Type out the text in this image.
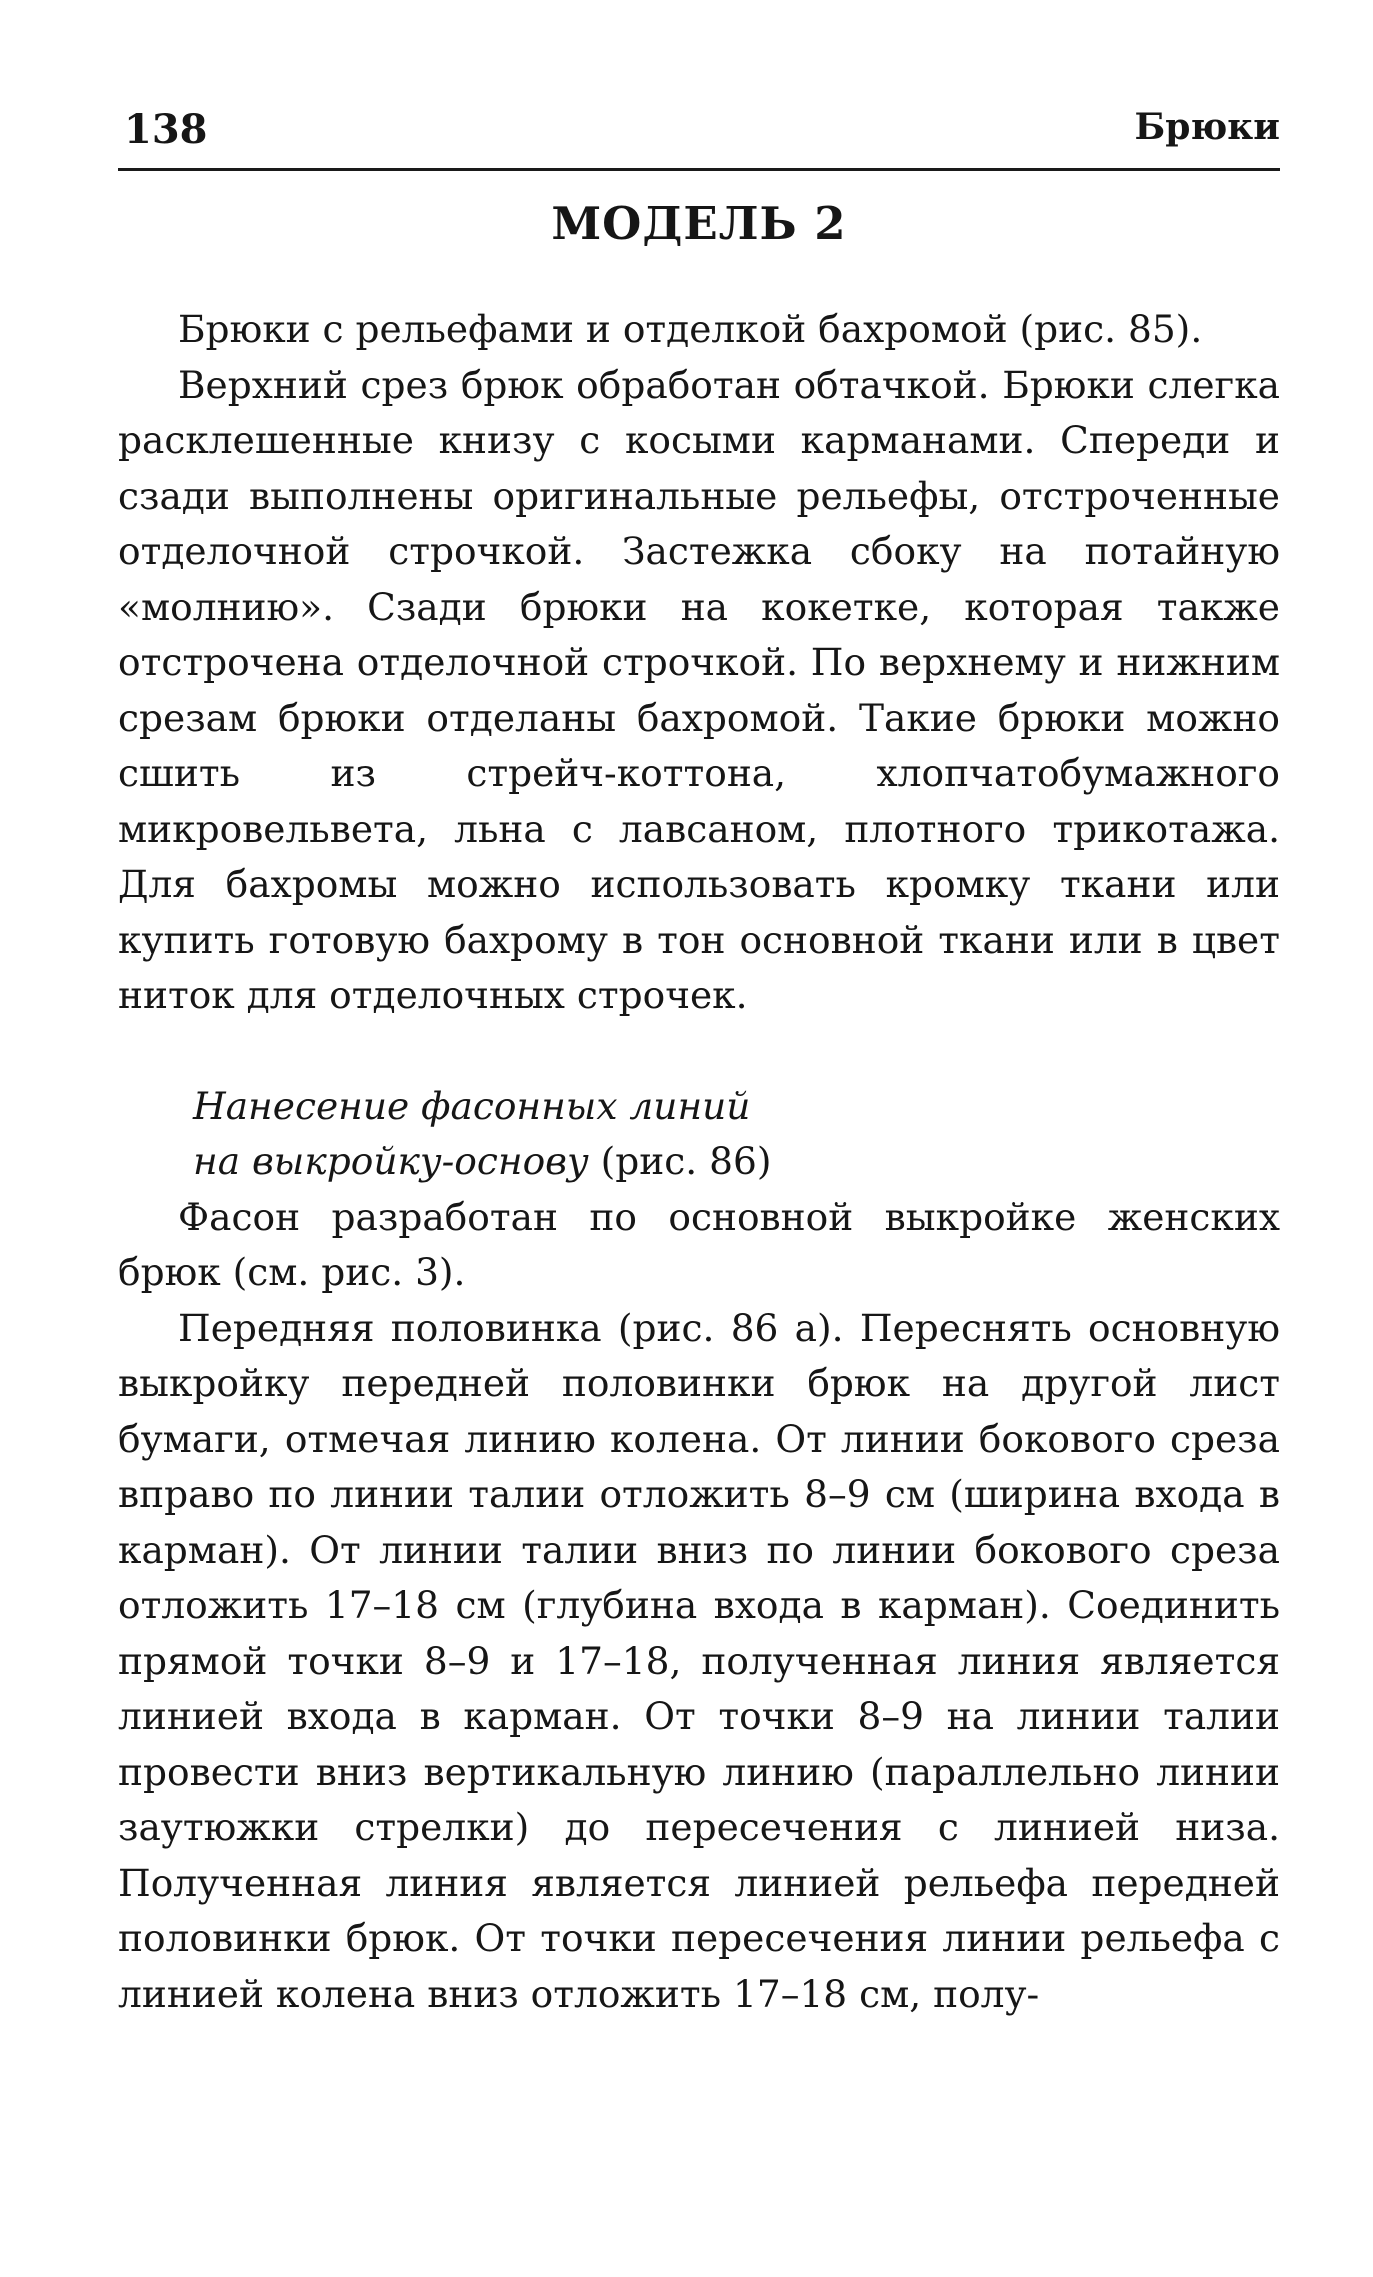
138	Брюки
МОДЕЛЬ 2

Брюки с рельефами и отделкой бахромой (рис. 85).

Верхний срез брюк обработан обтачкой. Брюки слегка расклешенные книзу с косыми карманами. Спереди и сзади выполнены оригинальные рельефы, отстроченные отделочной строчкой. Застежка сбоку на потайную «молнию». Сзади брюки на кокетке, которая также отстрочена отделочной строчкой. По верхнему и нижним срезам брюки отделаны бахромой. Такие брюки можно сшить из стрейч-коттона, хлопчатобумажного микровельвета, льна с лавсаном, плотного трикотажа. Для бахромы можно использовать кромку ткани или купить готовую бахрому в тон основной ткани или в цвет ниток для отделочных строчек.

Нанесение фасонных линий
на выкройку-основу (рис. 86)

Фасон разработан по основной выкройке женских брюк (см. рис. 3).

Передняя половинка (рис. 86 а). Переснять основную выкройку передней половинки брюк на другой лист бумаги, отмечая линию колена. От линии бокового среза вправо по линии талии отложить 8–9 см (ширина входа в карман). От линии талии вниз по линии бокового среза отложить 17–18 см (глубина входа в карман). Соединить прямой точки 8–9 и 17–18, полученная линия является линией входа в карман. От точки 8–9 на линии талии провести вниз вертикальную линию (параллельно линии заутюжки стрелки) до пересечения с линией низа. Полученная линия является линией рельефа передней половинки брюк. От точки пересечения линии рельефа с линией колена вниз отложить 17–18 см, полу-
